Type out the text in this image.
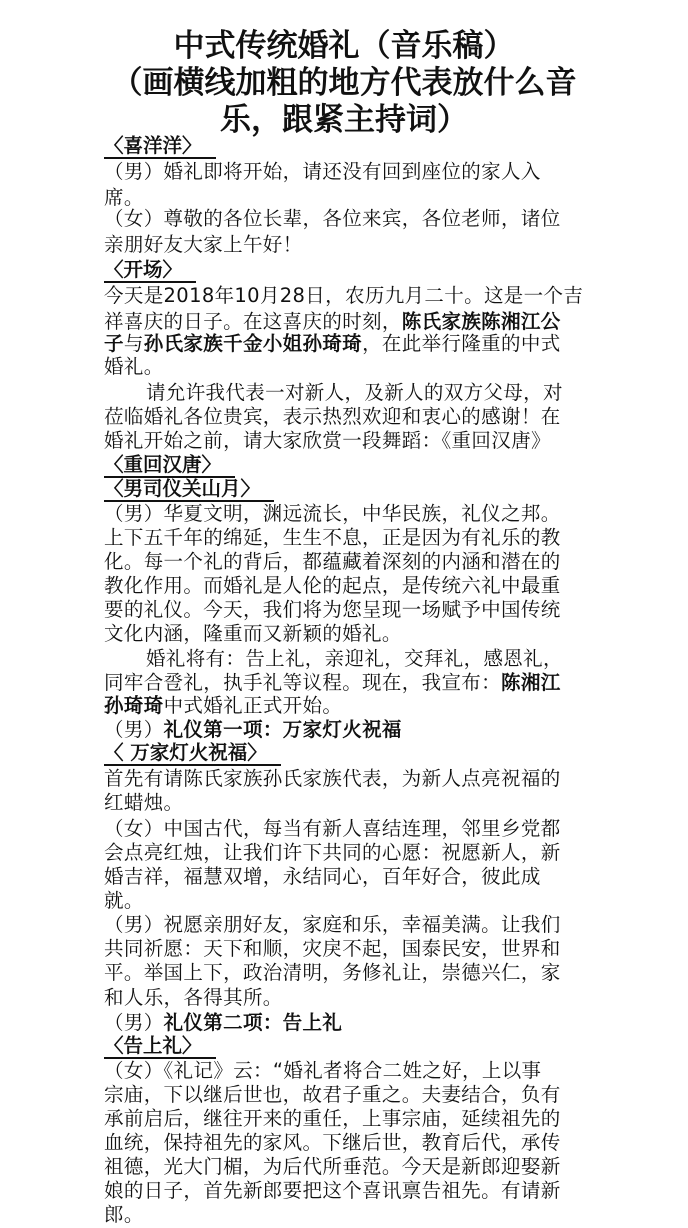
中式传统婚礼（音乐稿）
（画横线加粗的地方代表放什么音
乐，跟紧主持词）
〈喜洋洋〉
（男）婚礼即将开始，请还没有回到座位的家人入
席。
（女）尊敬的各位长辈，各位来宾，各位老师，诸位
亲朋好友大家上午好！
〈开场〉
今天是2018年10月28日，农历九月二十。这是一个吉
祥喜庆的日子。在这喜庆的时刻，陈氏家族陈湘江公
子与孙氏家族千金小姐孙琦琦，在此举行隆重的中式
婚礼。
请允许我代表一对新人，及新人的双方父母，对
莅临婚礼各位贵宾，表示热烈欢迎和衷心的感谢！在
婚礼开始之前，请大家欣赏一段舞蹈：《重回汉唐》
〈重回汉唐〉
〈男司仪关山月〉
（男）华夏文明，渊远流长，中华民族，礼仪之邦。
上下五千年的绵延，生生不息，正是因为有礼乐的教
化。每一个礼的背后，都蕴藏着深刻的内涵和潜在的
教化作用。而婚礼是人伦的起点，是传统六礼中最重
要的礼仪。今天，我们将为您呈现一场赋予中国传统
文化内涵，隆重而又新颖的婚礼。
婚礼将有：告上礼，亲迎礼，交拜礼，感恩礼，
同牢合卺礼，执手礼等议程。现在，我宣布：陈湘江
孙琦琦中式婚礼正式开始。
（男）礼仪第一项：万家灯火祝福
〈 万家灯火祝福〉
首先有请陈氏家族孙氏家族代表，为新人点亮祝福的
红蜡烛。
（女）中国古代，每当有新人喜结连理，邻里乡党都
会点亮红烛，让我们许下共同的心愿：祝愿新人，新
婚吉祥，福慧双增，永结同心，百年好合，彼此成
就。
（男）祝愿亲朋好友，家庭和乐，幸福美满。让我们
共同祈愿：天下和顺，灾戾不起，国泰民安，世界和
平。举国上下，政治清明，务修礼让，崇德兴仁，家
和人乐，各得其所。
（男）礼仪第二项：告上礼
〈告上礼〉
（女）《礼记》云：“婚礼者将合二姓之好，上以事
宗庙，下以继后世也，故君子重之。夫妻结合，负有
承前启后，继往开来的重任，上事宗庙，延续祖先的
血统，保持祖先的家风。下继后世，教育后代，承传
祖德，光大门楣，为后代所垂范。今天是新郎迎娶新
娘的日子，首先新郎要把这个喜讯禀告祖先。有请新
郎。
